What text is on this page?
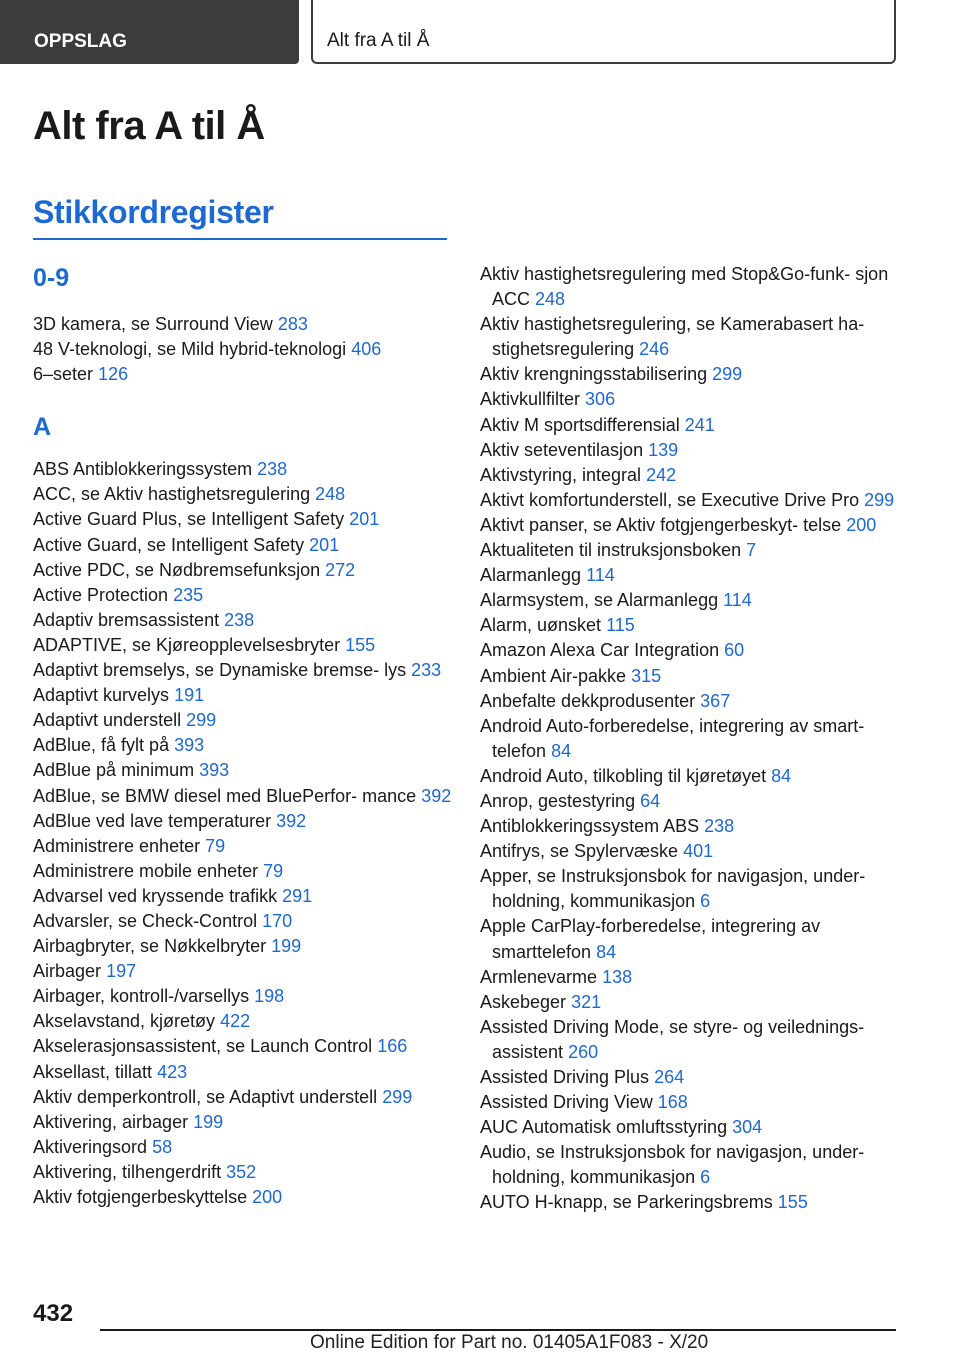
OPPSLAG	Alt fra A til Å
Alt fra A til Å
Stikkordregister
0-9
3D kamera, se Surround View 283
48 V-teknologi, se Mild hybrid-teknologi 406
6–seter 126
A
ABS Antiblokkeringssystem 238
ACC, se Aktiv hastighetsregulering 248
Active Guard Plus, se Intelligent Safety 201
Active Guard, se Intelligent Safety 201
Active PDC, se Nødbremsefunksjon 272
Active Protection 235
Adaptiv bremsassistent 238
ADAPTIVE, se Kjøreopplevelsesbryter 155
Adaptivt bremselys, se Dynamiske bremse‐ lys 233
Adaptivt kurvelys 191
Adaptivt understell 299
AdBlue, få fylt på 393
AdBlue på minimum 393
AdBlue, se BMW diesel med BluePerfor‐ mance 392
AdBlue ved lave temperaturer 392
Administrere enheter 79
Administrere mobile enheter 79
Advarsel ved kryssende trafikk 291
Advarsler, se Check-Control 170
Airbagbryter, se Nøkkelbryter 199
Airbager 197
Airbager, kontroll-/varsellys 198
Akselavstand, kjøretøy 422
Akselerasjonsassistent, se Launch Control 166
Aksellast, tillatt 423
Aktiv demperkontroll, se Adaptivt understell 299
Aktivering, airbager 199
Aktiveringsord 58
Aktivering, tilhengerdrift 352
Aktiv fotgjengerbeskyttelse 200
Aktiv hastighetsregulering med Stop&Go-funk‐ sjon ACC 248
Aktiv hastighetsregulering, se Kamerabasert ha‐ stighetsregulering 246
Aktiv krengningsstabilisering 299
Aktivkullfilter 306
Aktiv M sportsdifferensial 241
Aktiv seteventilasjon 139
Aktivstyring, integral 242
Aktivt komfortunderstell, se Executive Drive Pro 299
Aktivt panser, se Aktiv fotgjengerbeskyt‐ telse 200
Aktualiteten til instruksjonsboken 7
Alarmanlegg 114
Alarmsystem, se Alarmanlegg 114
Alarm, uønsket 115
Amazon Alexa Car Integration 60
Ambient Air-pakke 315
Anbefalte dekkprodusenter 367
Android Auto-forberedelse, integrering av smart‐ telefon 84
Android Auto, tilkobling til kjøretøyet 84
Anrop, gestestyring 64
Antiblokkeringssystem ABS 238
Antifrys, se Spylervæske 401
Apper, se Instruksjonsbok for navigasjon, under‐ holdning, kommunikasjon 6
Apple CarPlay-forberedelse, integrering av smarttelefon 84
Armlenevarme 138
Askebeger 321
Assisted Driving Mode, se styre- og veilednings‐ assistent 260
Assisted Driving Plus 264
Assisted Driving View 168
AUC Automatisk omluftsstyring 304
Audio, se Instruksjonsbok for navigasjon, under‐ holdning, kommunikasjon 6
AUTO H-knapp, se Parkeringsbrems 155
432
Online Edition for Part no. 01405A1F083 - X/20
